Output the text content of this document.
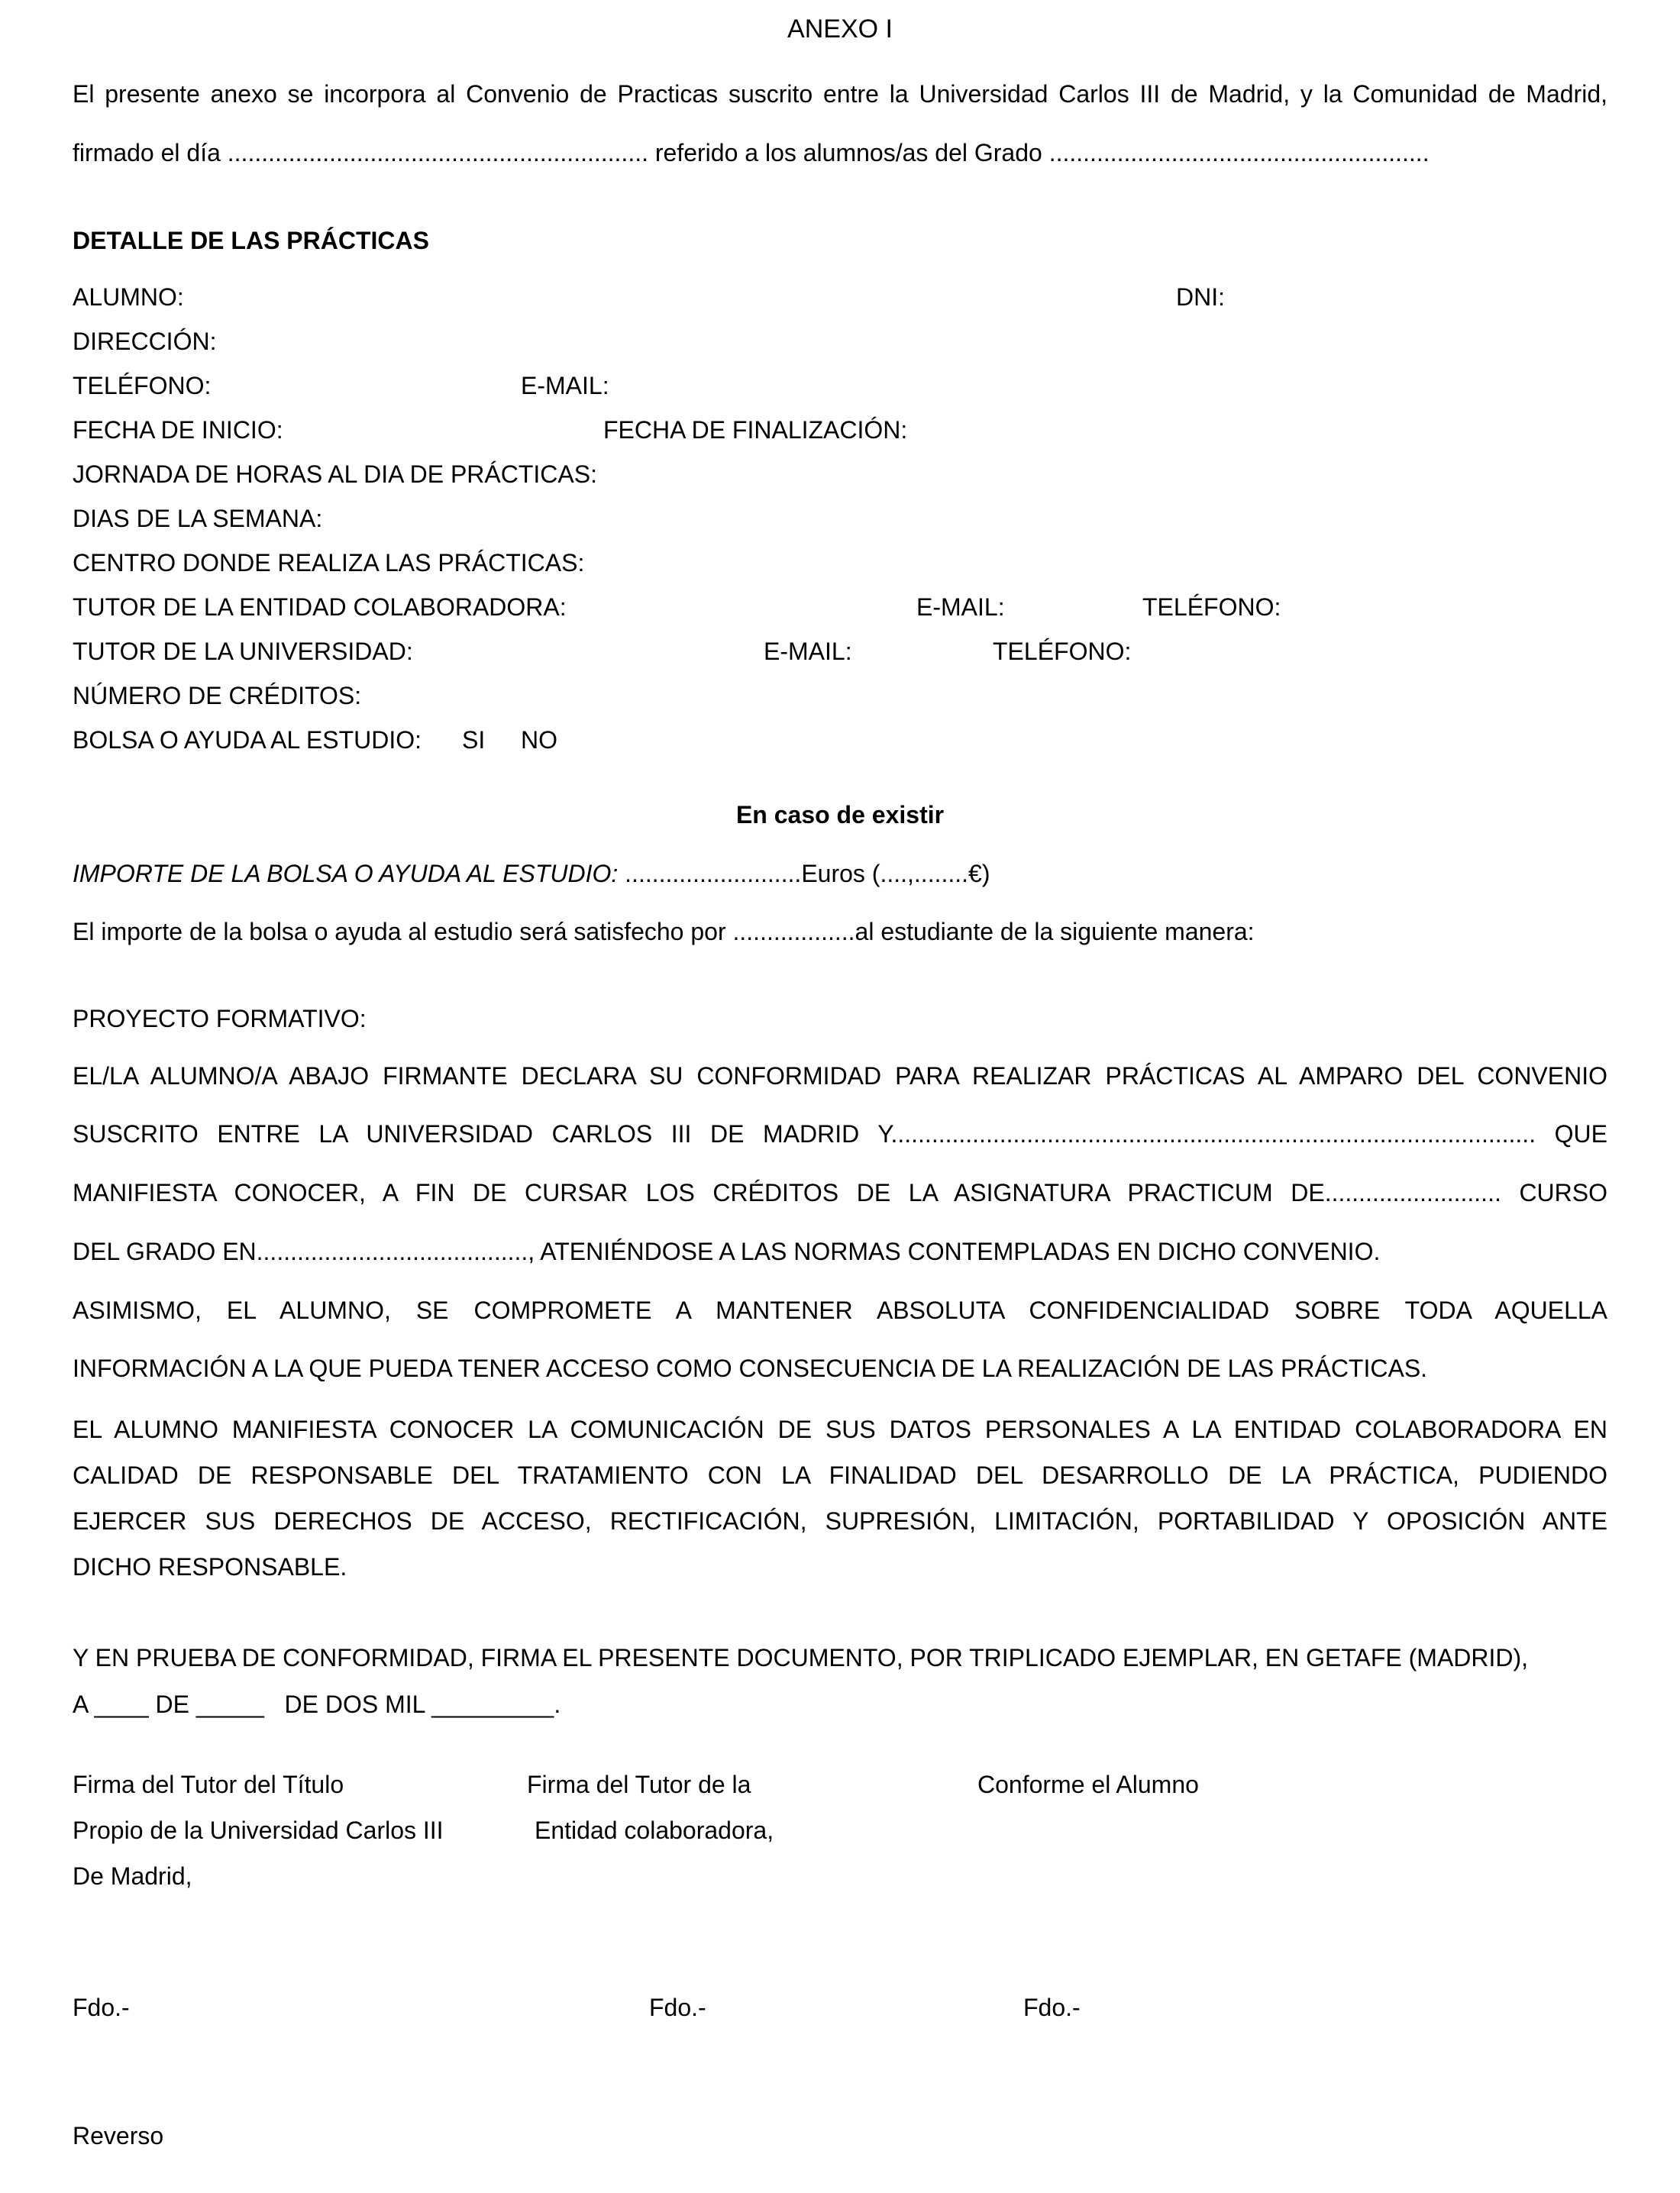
ANEXO I
El presente anexo se incorpora al Convenio de Practicas suscrito entre la Universidad Carlos III de Madrid, y la Comunidad de Madrid,
firmado el día .............................................................. referido a los alumnos/as del Grado ........................................................
DETALLE DE LAS PRÁCTICAS
ALUMNO:	DNI:
DIRECCIÓN:
TELÉFONO:	E-MAIL:
FECHA DE INICIO:	FECHA DE FINALIZACIÓN:
JORNADA DE HORAS AL DIA DE PRÁCTICAS:
DIAS DE LA SEMANA:
CENTRO DONDE REALIZA LAS PRÁCTICAS:
TUTOR DE LA ENTIDAD COLABORADORA:	E-MAIL:	TELÉFONO:
TUTOR DE LA UNIVERSIDAD:	E-MAIL:	TELÉFONO:
NÚMERO DE CRÉDITOS:
BOLSA O AYUDA AL ESTUDIO: SI NO
En caso de existir
IMPORTE DE LA BOLSA O AYUDA AL ESTUDIO: ..........................Euros (....,........€)
El importe de la bolsa o ayuda al estudio será satisfecho por ..................al estudiante de la siguiente manera:
PROYECTO FORMATIVO:
EL/LA ALUMNO/A ABAJO FIRMANTE DECLARA SU CONFORMIDAD PARA REALIZAR PRÁCTICAS AL AMPARO DEL CONVENIO
SUSCRITO ENTRE LA UNIVERSIDAD CARLOS III DE MADRID Y............................................................................................... QUE
MANIFIESTA CONOCER, A FIN DE CURSAR LOS CRÉDITOS DE LA ASIGNATURA PRACTICUM DE.......................... CURSO
DEL GRADO EN........................................, ATENIÉNDOSE A LAS NORMAS CONTEMPLADAS EN DICHO CONVENIO.
ASIMISMO, EL ALUMNO, SE COMPROMETE A MANTENER ABSOLUTA CONFIDENCIALIDAD SOBRE TODA AQUELLA
INFORMACIÓN A LA QUE PUEDA TENER ACCESO COMO CONSECUENCIA DE LA REALIZACIÓN DE LAS PRÁCTICAS.
EL ALUMNO MANIFIESTA CONOCER LA COMUNICACIÓN DE SUS DATOS PERSONALES A LA ENTIDAD COLABORADORA EN
CALIDAD DE RESPONSABLE DEL TRATAMIENTO CON LA FINALIDAD DEL DESARROLLO DE LA PRÁCTICA, PUDIENDO
EJERCER SUS DERECHOS DE ACCESO, RECTIFICACIÓN, SUPRESIÓN, LIMITACIÓN, PORTABILIDAD Y OPOSICIÓN ANTE
DICHO RESPONSABLE.
Y EN PRUEBA DE CONFORMIDAD, FIRMA EL PRESENTE DOCUMENTO, POR TRIPLICADO EJEMPLAR, EN GETAFE (MADRID),
A ____ DE _____   DE DOS MIL _________.
Firma del Tutor del Título	Firma del Tutor de la	Conforme el Alumno
Propio de la Universidad Carlos III	Entidad colaboradora,
De Madrid,
Fdo.-	Fdo.-	Fdo.-
Reverso
